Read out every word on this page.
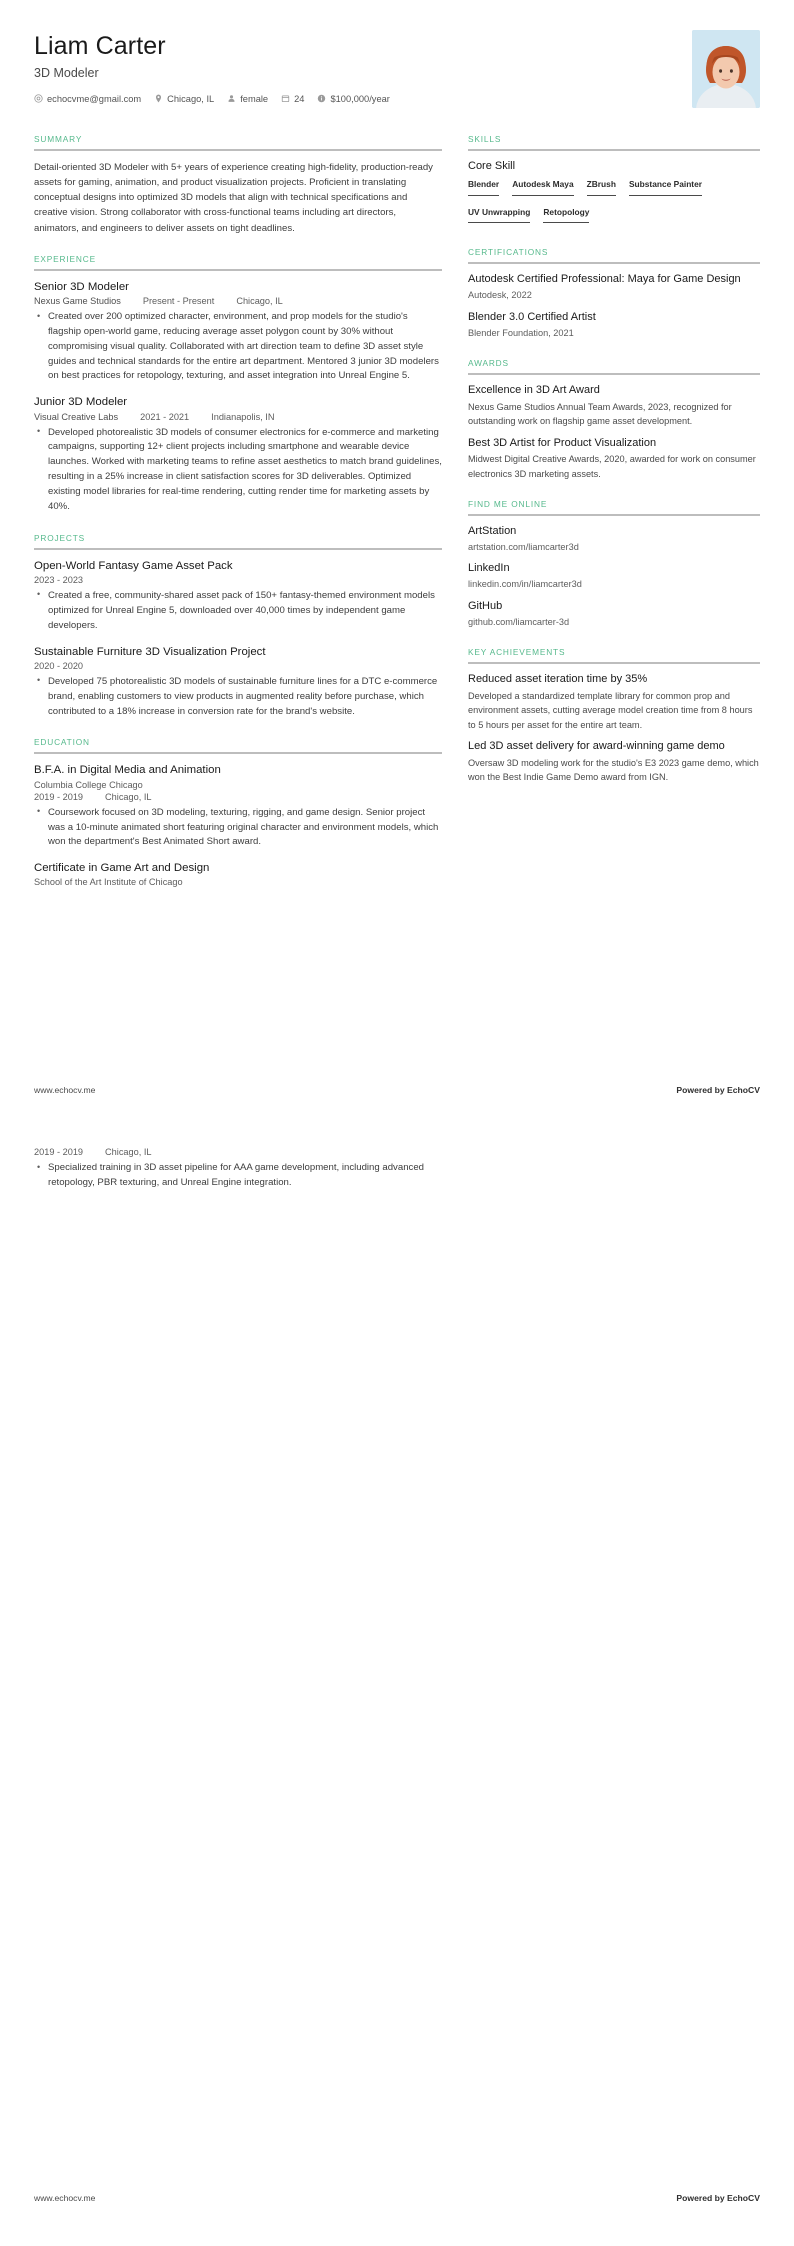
Liam Carter
3D Modeler
echocvme@gmail.com	Chicago, IL	female	24	$100,000/year
SUMMARY

Detail-oriented 3D Modeler with 5+ years of experience creating high-fidelity, production-ready assets for gaming, animation, and product visualization projects. Proficient in translating conceptual designs into optimized 3D models that align with technical specifications and creative vision. Strong collaborator with cross-functional teams including art directors, animators, and engineers to deliver assets on tight deadlines.

EXPERIENCE
Senior 3D Modeler
Nexus Game Studios Present - Present Chicago, IL
• Created over 200 optimized character, environment, and prop models for the studio's flagship open-world game, reducing average asset polygon count by 30% without compromising visual quality. Collaborated with art direction team to define 3D asset style guides and technical standards for the entire art department. Mentored 3 junior 3D modelers on best practices for retopology, texturing, and asset integration into Unreal Engine 5.
Junior 3D Modeler
Visual Creative Labs 2021 - 2021 Indianapolis, IN
• Developed photorealistic 3D models of consumer electronics for e-commerce and marketing campaigns, supporting 12+ client projects including smartphone and wearable device launches. Worked with marketing teams to refine asset aesthetics to match brand guidelines, resulting in a 25% increase in client satisfaction scores for 3D deliverables. Optimized existing model libraries for real-time rendering, cutting render time for marketing assets by 40%.
PROJECTS
Open-World Fantasy Game Asset Pack
2023 - 2023
• Created a free, community-shared asset pack of 150+ fantasy-themed environment models optimized for Unreal Engine 5, downloaded over 40,000 times by independent game developers.
Sustainable Furniture 3D Visualization Project
2020 - 2020
• Developed 75 photorealistic 3D models of sustainable furniture lines for a DTC e-commerce brand, enabling customers to view products in augmented reality before purchase, which contributed to a 18% increase in conversion rate for the brand's website.
EDUCATION
B.F.A. in Digital Media and Animation
Columbia College Chicago
2019 - 2019 Chicago, IL
• Coursework focused on 3D modeling, texturing, rigging, and game design. Senior project was a 10-minute animated short featuring original character and environment models, which won the department's Best Animated Short award.
Certificate in Game Art and Design
School of the Art Institute of Chicago
SKILLS
Core Skill
Blender Autodesk Maya ZBrush Substance Painter
UV Unwrapping Retopology
CERTIFICATIONS
Autodesk Certified Professional: Maya for Game Design
Autodesk, 2022
Blender 3.0 Certified Artist
Blender Foundation, 2021
AWARDS
Excellence in 3D Art Award
Nexus Game Studios Annual Team Awards, 2023, recognized for outstanding work on flagship game asset development.
Best 3D Artist for Product Visualization
Midwest Digital Creative Awards, 2020, awarded for work on consumer electronics 3D marketing assets.
FIND ME ONLINE
ArtStation
artstation.com/liamcarter3d
LinkedIn
linkedin.com/in/liamcarter3d
GitHub
github.com/liamcarter-3d
KEY ACHIEVEMENTS
Reduced asset iteration time by 35%
Developed a standardized template library for common prop and environment assets, cutting average model creation time from 8 hours to 5 hours per asset for the entire art team.
Led 3D asset delivery for award-winning game demo
Oversaw 3D modeling work for the studio's E3 2023 game demo, which won the Best Indie Game Demo award from IGN.
www.echocv.me	Powered by EchoCV
2019 - 2019 Chicago, IL
• Specialized training in 3D asset pipeline for AAA game development, including advanced retopology, PBR texturing, and Unreal Engine integration.
www.echocv.me	Powered by EchoCV
